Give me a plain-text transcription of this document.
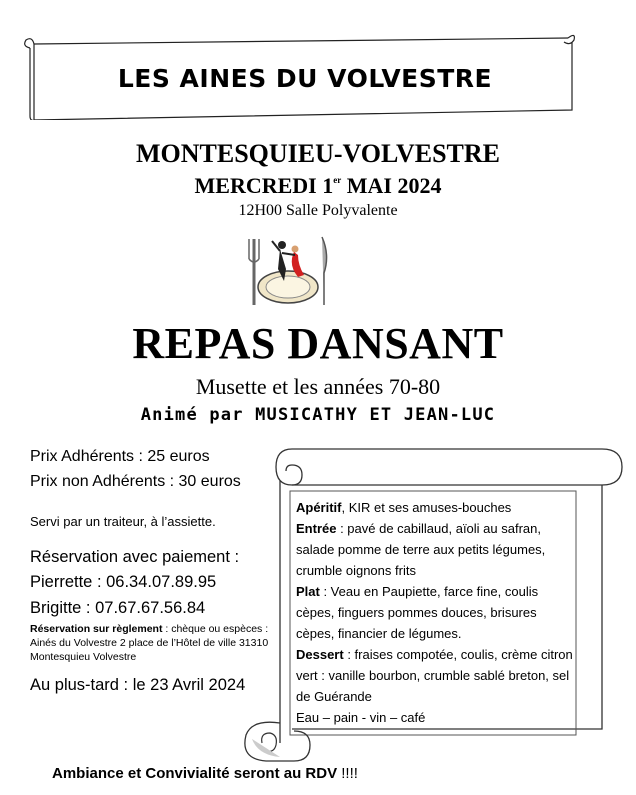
LES AINES DU VOLVESTRE
MONTESQUIEU-VOLVESTRE
MERCREDI 1er MAI 2024
12H00 Salle Polyvalente
REPAS DANSANT
Musette et les années 70-80
Animé par MUSICATHY ET JEAN-LUC
Prix Adhérents : 25 euros
Prix non Adhérents : 30 euros
Servi par un traiteur, à l’assiette.
Réservation avec paiement :
Pierrette : 06.34.07.89.95
Brigitte : 07.67.67.56.84
Réservation sur règlement : chèque ou espèces : Ainés du Volvestre 2 place de l’Hôtel de ville 31310 Montesquieu Volvestre
Au plus-tard : le 23 Avril 2024

Apéritif, KIR et ses amuses-bouches

Entrée : pavé de cabillaud, aïoli au safran, salade pomme de terre aux petits légumes, crumble oignons frits

Plat : Veau en Paupiette, farce fine, coulis cèpes, finguers pommes douces, brisures cèpes, financier de légumes.

Dessert : fraises compotée, coulis, crème citron vert : vanille bourbon, crumble sablé breton, sel de Guérande

Eau – pain - vin – café

Ambiance et Convivialité seront au RDV !!!!
